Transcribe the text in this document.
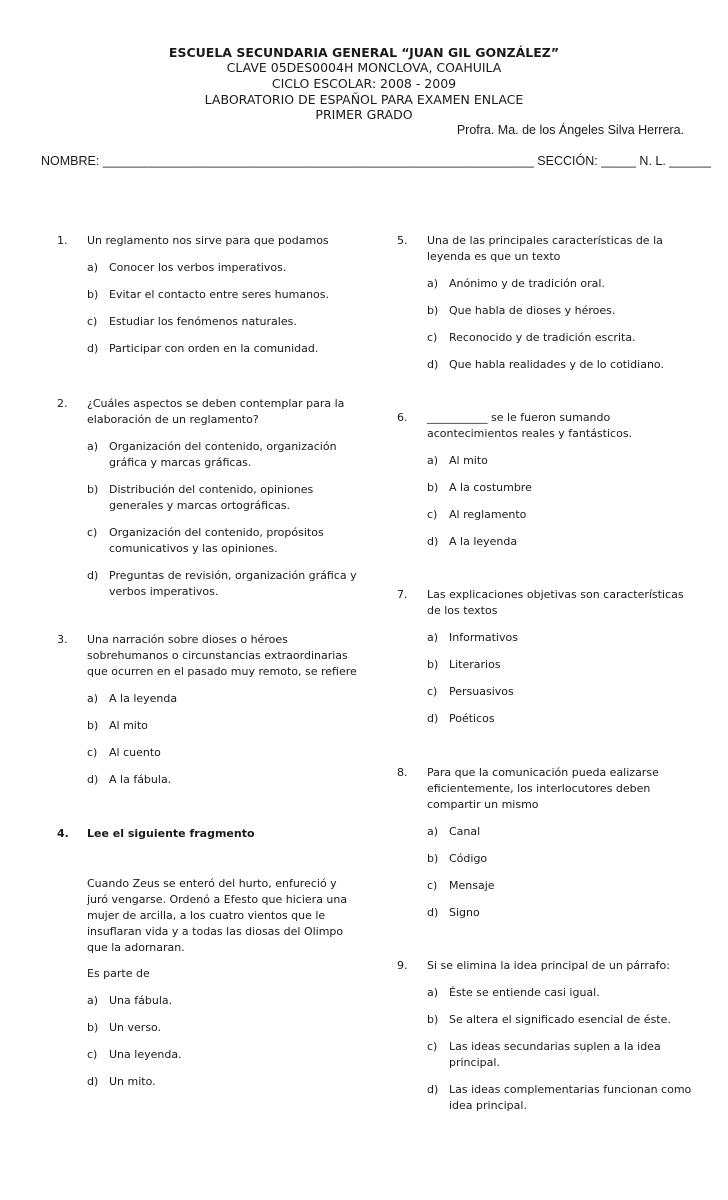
ESCUELA SECUNDARIA GENERAL “JUAN GIL GONZÁLEZ”
CLAVE 05DES0004H MONCLOVA, COAHUILA
CICLO ESCOLAR: 2008 - 2009
LABORATORIO DE ESPAÑOL PARA EXAMEN ENLACE
PRIMER GRADO
Profra. Ma. de los Ángeles Silva Herrera.
NOMBRE: ______________________________________________________________ SECCIÓN: _____ N. L. ______
1. Un reglamento nos sirve para que podamos
a) Conocer los verbos imperativos.
b) Evitar el contacto entre seres humanos.
c) Estudiar los fenómenos naturales.
d) Participar con orden en la comunidad.
2. ¿Cuáles aspectos se deben contemplar para la elaboración de un reglamento?
a) Organización del contenido, organización gráfica y marcas gráficas.
b) Distribución del contenido, opiniones generales y marcas ortográficas.
c) Organización del contenido, propósitos comunicativos y las opiniones.
d) Preguntas de revisión, organización gráfica y verbos imperativos.
3. Una narración sobre dioses o héroes sobrehumanos o circunstancias extraordinarias que ocurren en el pasado muy remoto, se refiere
a) A la leyenda
b) Al mito
c) Al cuento
d) A la fábula.
4. Lee el siguiente fragmento
Cuando Zeus se enteró del hurto, enfureció y juró vengarse. Ordenó a Efesto que hiciera una mujer de arcilla, a los cuatro vientos que le insuflaran vida y a todas las diosas del Olimpo que la adornaran.
Es parte de
a) Una fábula.
b) Un verso.
c) Una leyenda.
d) Un mito.
5. Una de las principales características de la leyenda es que un texto
a) Anónimo y de tradición oral.
b) Que habla de dioses y héroes.
c) Reconocido y de tradición escrita.
d) Que habla realidades y de lo cotidiano.
6. ___________ se le fueron sumando acontecimientos reales y fantásticos.
a) Al mito
b) A la costumbre
c) Al reglamento
d) A la leyenda
7. Las explicaciones objetivas son características de los textos
a) Informativos
b) Literarios
c) Persuasivos
d) Poéticos
8. Para que la comunicación pueda ealizarse eficientemente, los interlocutores deben compartir un mismo
a) Canal
b) Código
c) Mensaje
d) Signo
9. Si se elimina la idea principal de un párrafo:
a) Éste se entiende casi igual.
b) Se altera el significado esencial de éste.
c) Las ideas secundarias suplen a la idea principal.
d) Las ideas complementarias funcionan como idea principal.
